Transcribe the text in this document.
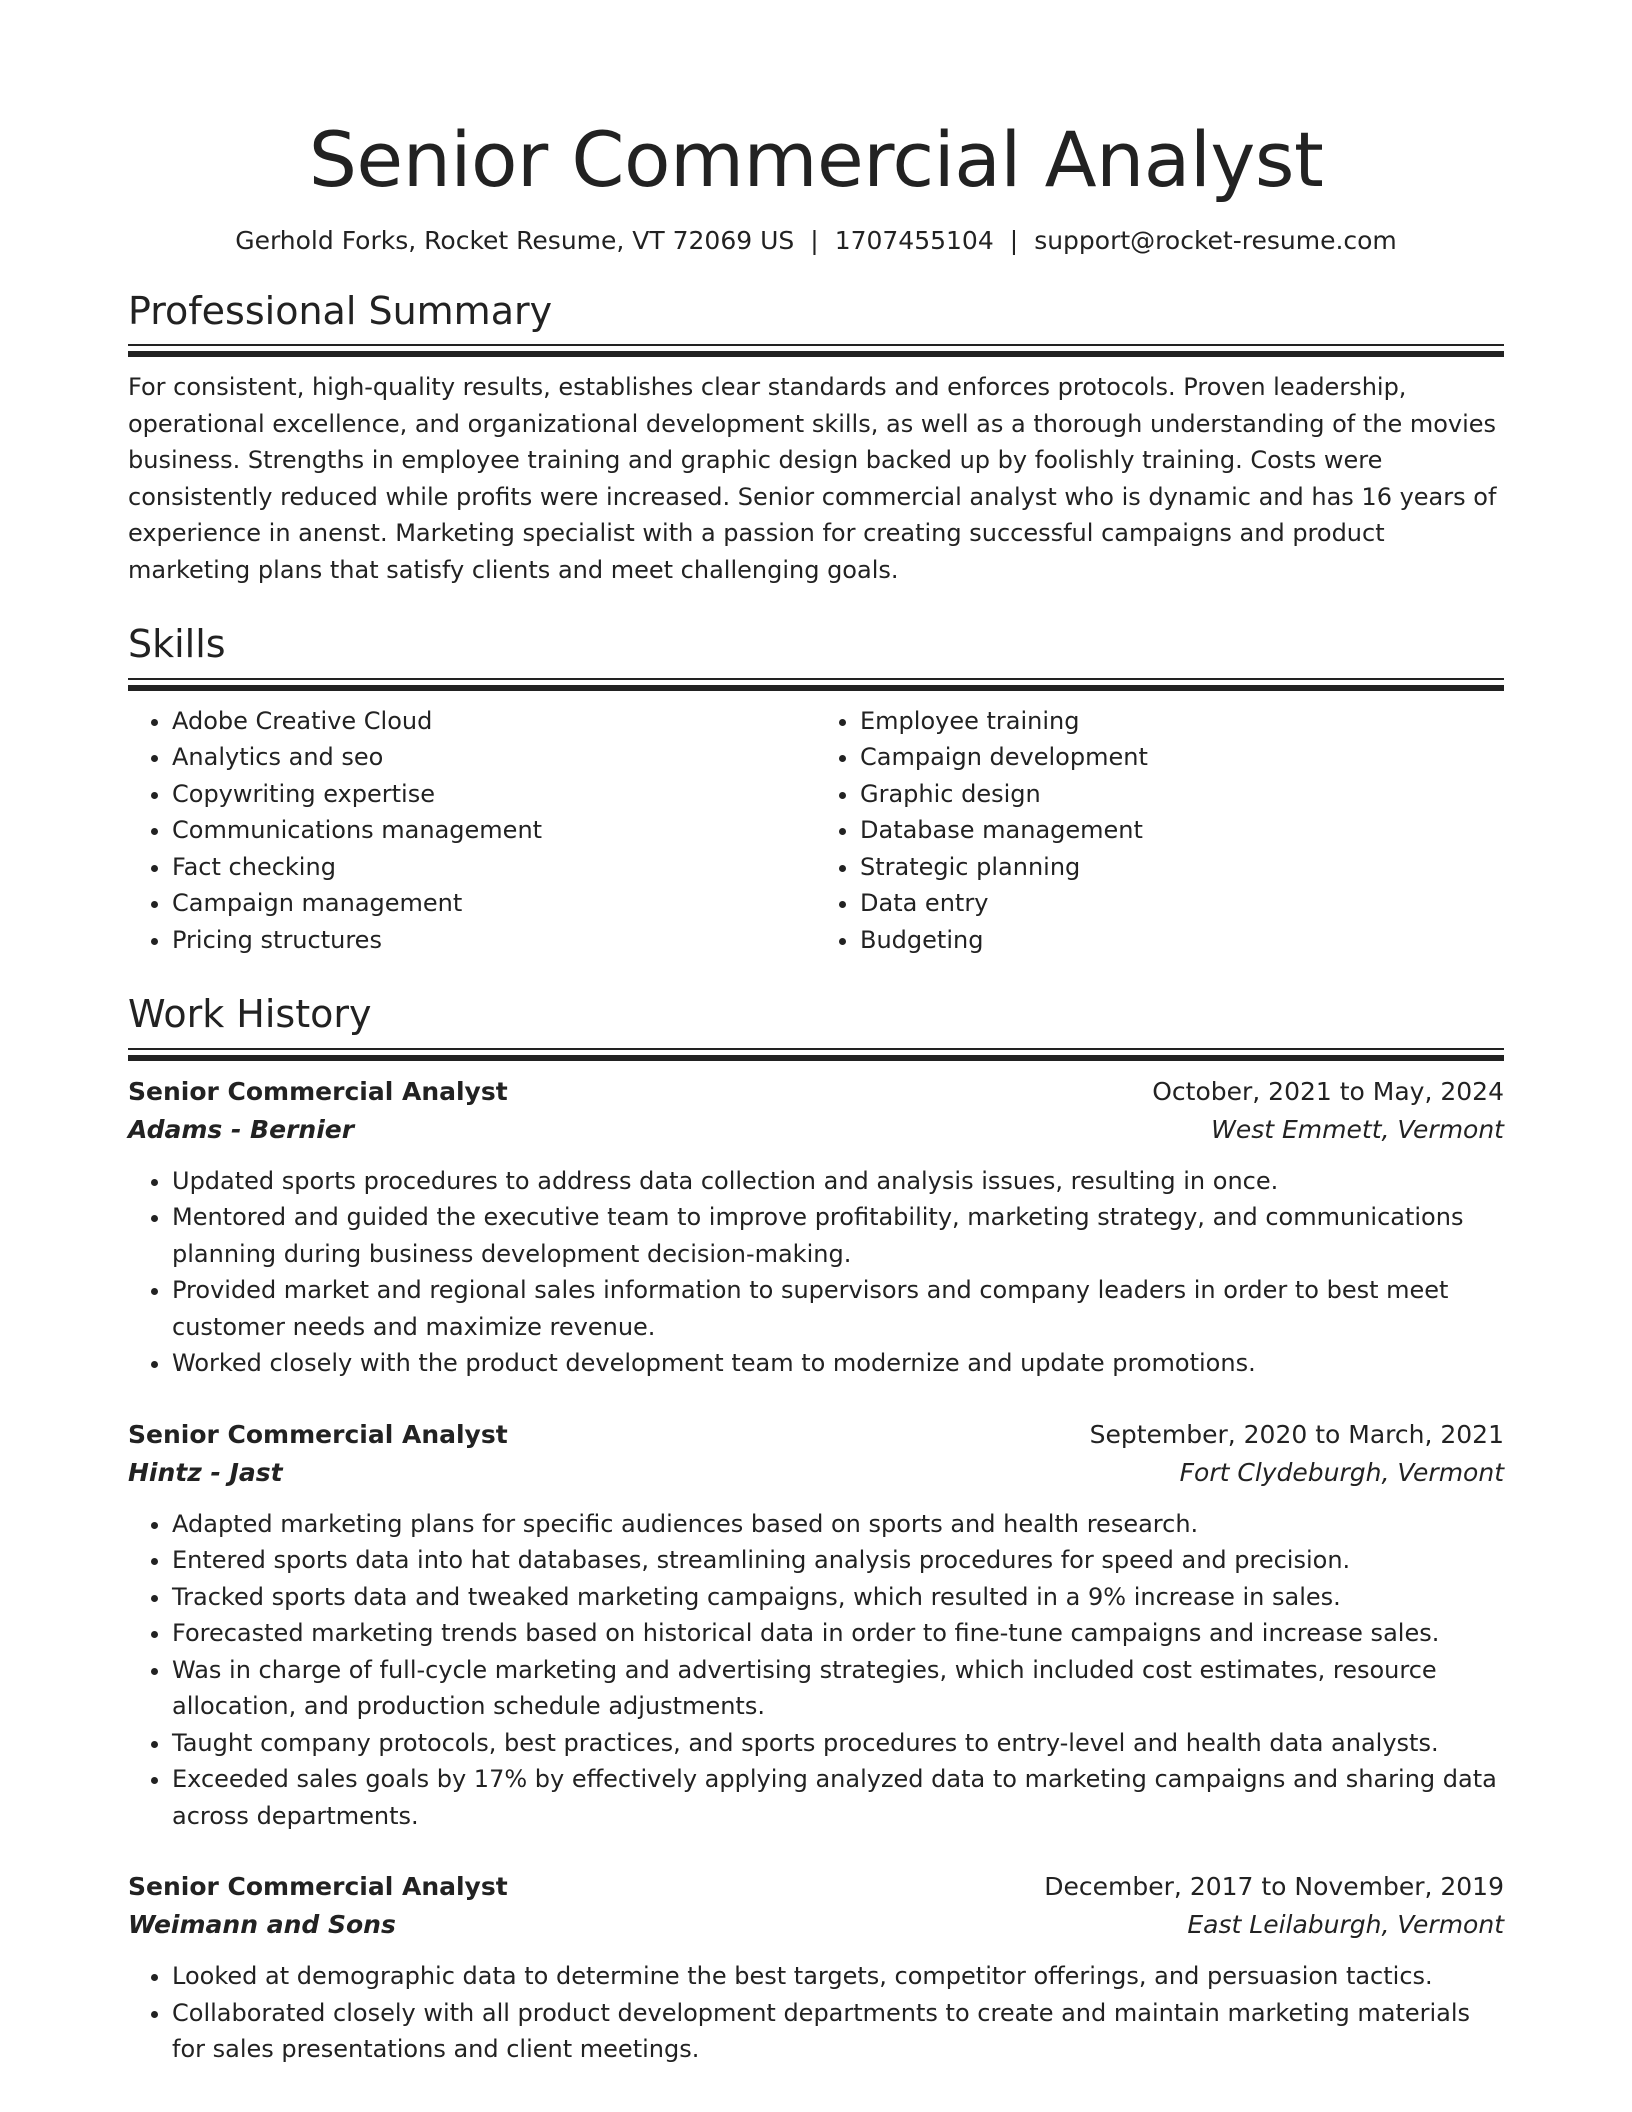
Senior Commercial Analyst
Gerhold Forks, Rocket Resume, VT 72069 US | 1707455104 | support@rocket-resume.com
Professional Summary

For consistent, high-quality results, establishes clear standards and enforces protocols. Proven leadership, operational excellence, and organizational development skills, as well as a thorough understanding of the movies business. Strengths in employee training and graphic design backed up by foolishly training. Costs were consistently reduced while profits were increased. Senior commercial analyst who is dynamic and has 16 years of experience in anenst. Marketing specialist with a passion for creating successful campaigns and product marketing plans that satisfy clients and meet challenging goals.

Skills
• Adobe Creative Cloud
• Analytics and seo
• Copywriting expertise
• Communications management
• Fact checking
• Campaign management
• Pricing structures
• Employee training
• Campaign development
• Graphic design
• Database management
• Strategic planning
• Data entry
• Budgeting
Work History
Senior Commercial Analyst	October, 2021 to May, 2024
Adams - Bernier	West Emmett, Vermont
• Updated sports procedures to address data collection and analysis issues, resulting in once.
• Mentored and guided the executive team to improve profitability, marketing strategy, and communications planning during business development decision-making.
• Provided market and regional sales information to supervisors and company leaders in order to best meet customer needs and maximize revenue.
• Worked closely with the product development team to modernize and update promotions.
Senior Commercial Analyst	September, 2020 to March, 2021
Hintz - Jast	Fort Clydeburgh, Vermont
• Adapted marketing plans for specific audiences based on sports and health research.
• Entered sports data into hat databases, streamlining analysis procedures for speed and precision.
• Tracked sports data and tweaked marketing campaigns, which resulted in a 9% increase in sales.
• Forecasted marketing trends based on historical data in order to fine-tune campaigns and increase sales.
• Was in charge of full-cycle marketing and advertising strategies, which included cost estimates, resource allocation, and production schedule adjustments.
• Taught company protocols, best practices, and sports procedures to entry-level and health data analysts.
• Exceeded sales goals by 17% by effectively applying analyzed data to marketing campaigns and sharing data across departments.
Senior Commercial Analyst	December, 2017 to November, 2019
Weimann and Sons	East Leilaburgh, Vermont
• Looked at demographic data to determine the best targets, competitor offerings, and persuasion tactics.
• Collaborated closely with all product development departments to create and maintain marketing materials for sales presentations and client meetings.
